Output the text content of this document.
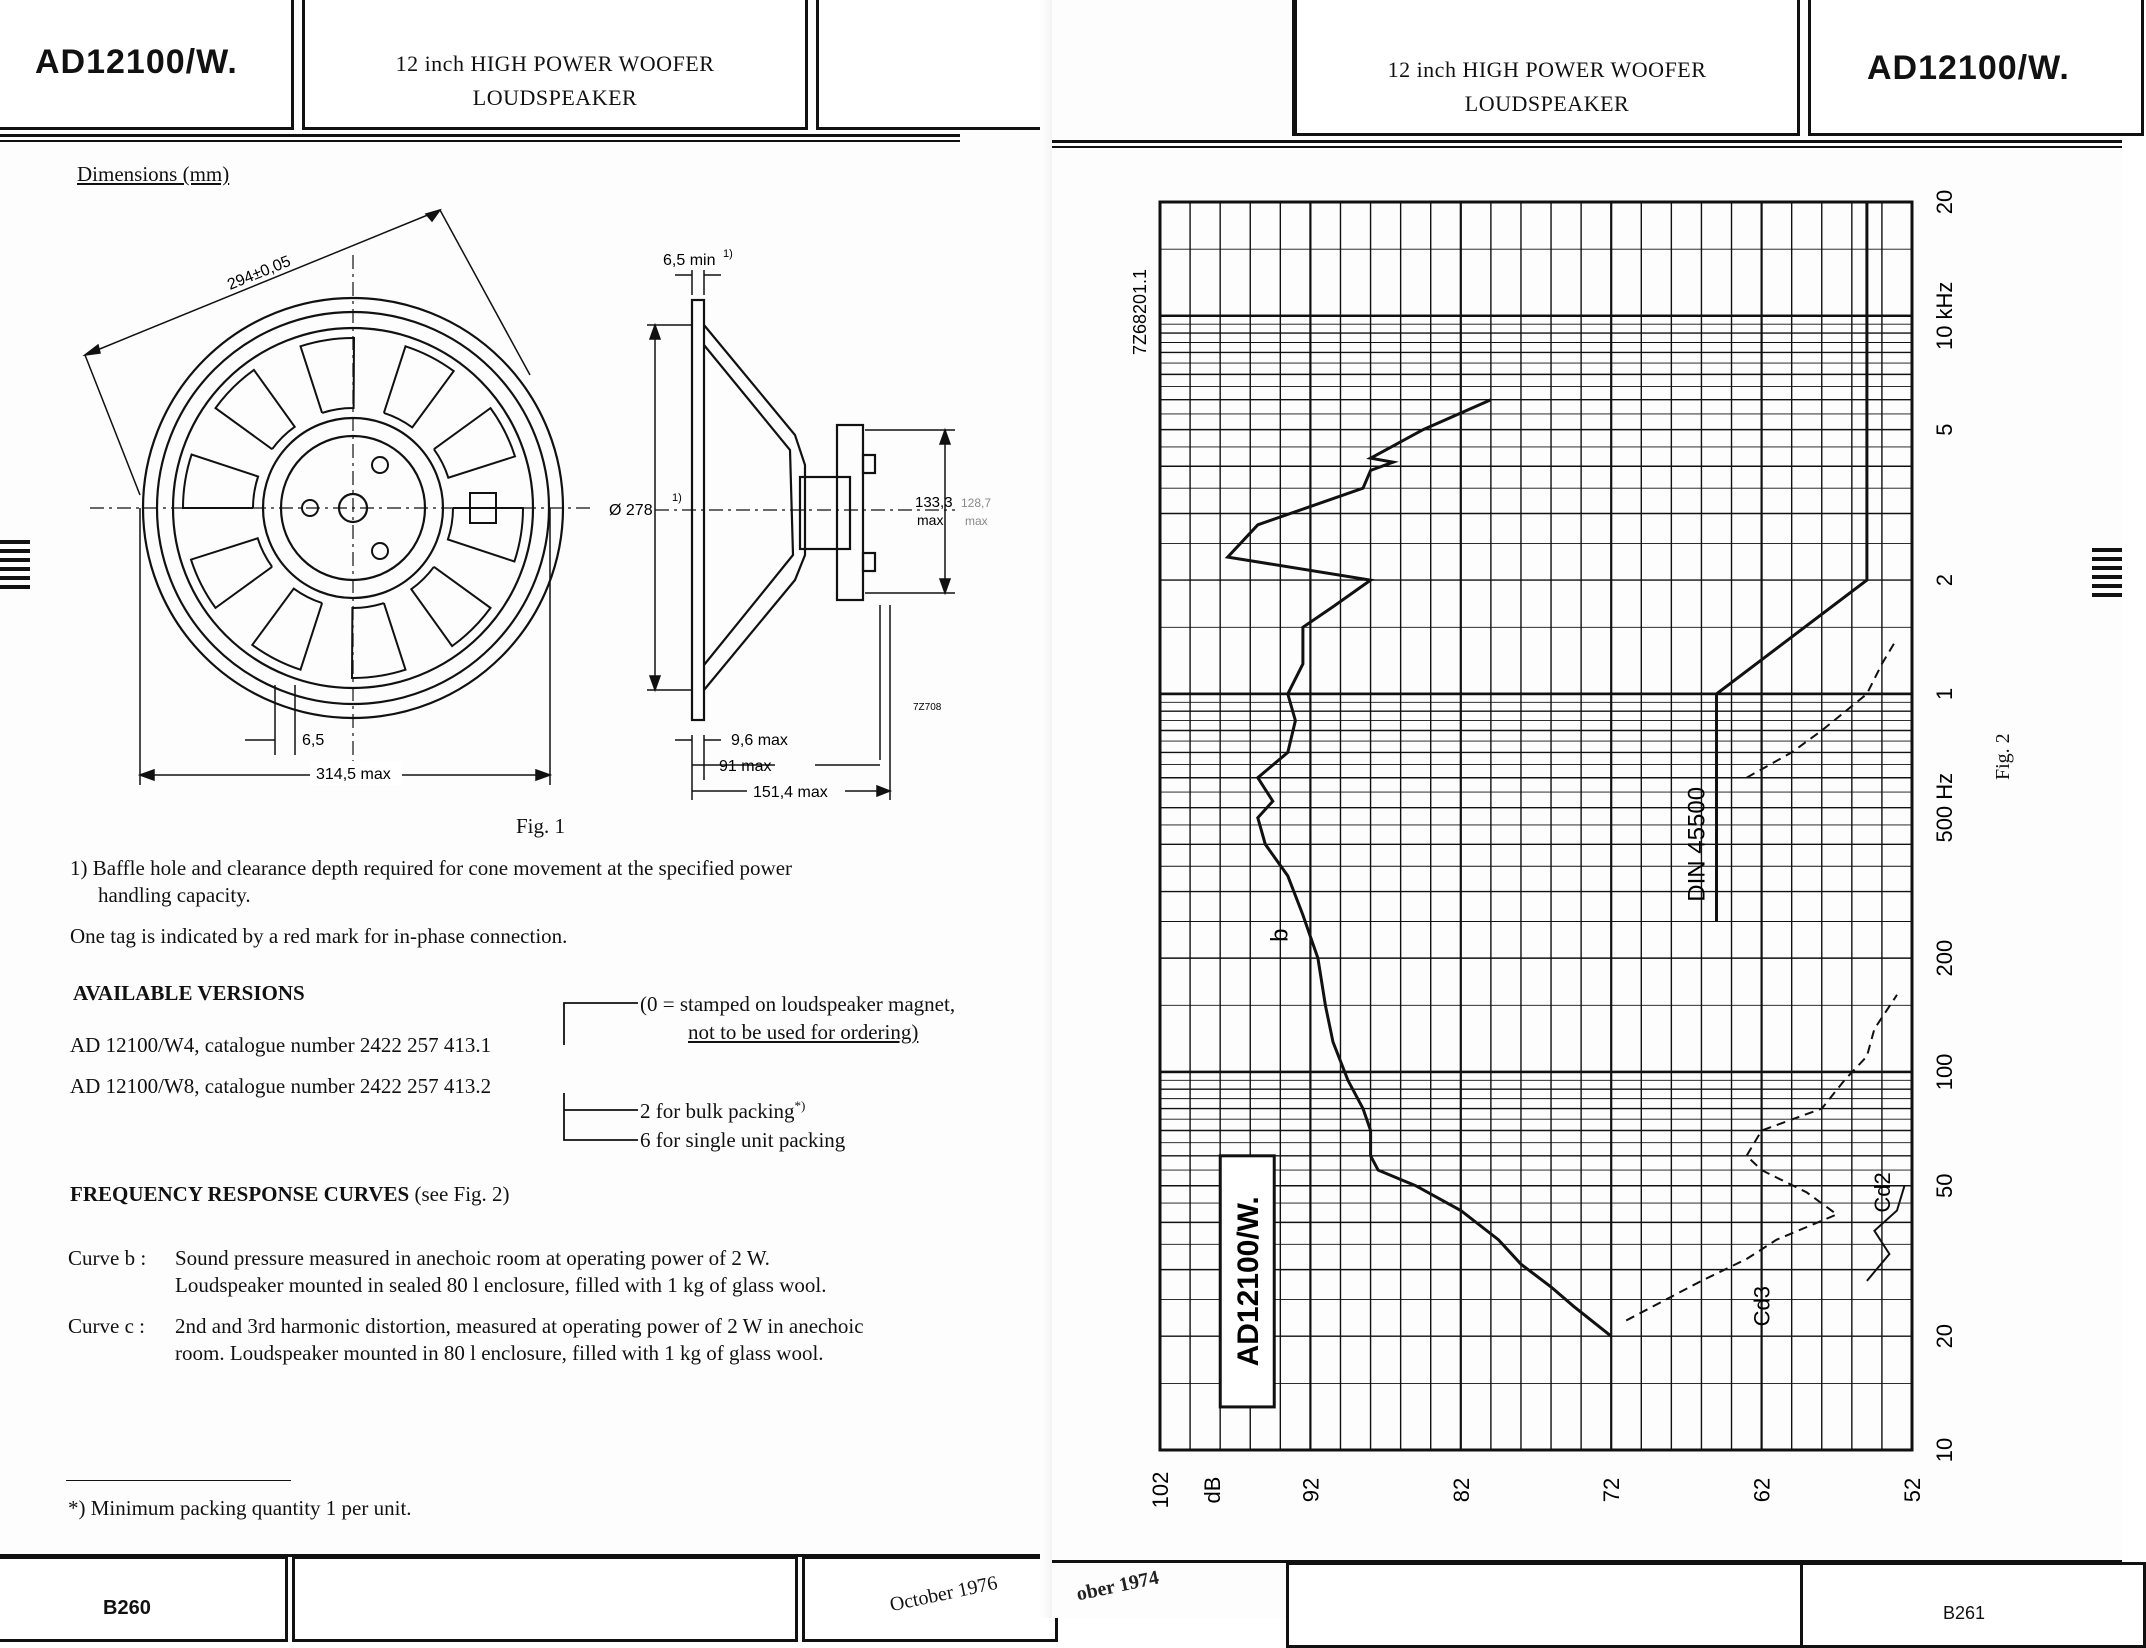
AD12100/W.	12 inch HIGH POWER WOOFER
LOUDSPEAKER
Dimensions (mm)
294±0,05
6,5
314,5 max
6,5 min 1)
Ø 278
1)	133,3 128,7
max max
7Z708
9,6 max
91 max
151,4 max
Fig. 1
1) Baffle hole and clearance depth required for cone movement at the specified power
handling capacity.
One tag is indicated by a red mark for in-phase connection.
AVAILABLE VERSIONS
AD 12100/W4, catalogue number 2422 257 413.1
AD 12100/W8, catalogue number 2422 257 413.2
(0 = stamped on loudspeaker magnet,
not to be used for ordering)
2 for bulk packing*)
6 for single unit packing
FREQUENCY RESPONSE CURVES (see Fig. 2)
Curve b : Sound pressure measured in anechoic room at operating power of 2 W.
Loudspeaker mounted in sealed 80 l enclosure, filled with 1 kg of glass wool.
Curve c : 2nd and 3rd harmonic distortion, measured at operating power of 2 W in anechoic
room. Loudspeaker mounted in 80 l enclosure, filled with 1 kg of glass wool.
*) Minimum packing quantity 1 per unit.
B260	October 1976
12 inch HIGH POWER WOOFER
LOUDSPEAKER
AD12100/W.
10
20
50
100
200
500 Hz
1
2
5
10 kHz
20
52
62
72
82
92
102 dB
7Z68201.1
DIN 45500
b
Cd3
Cd2
AD12100/W.
Fig. 2
B261
ober 1974
